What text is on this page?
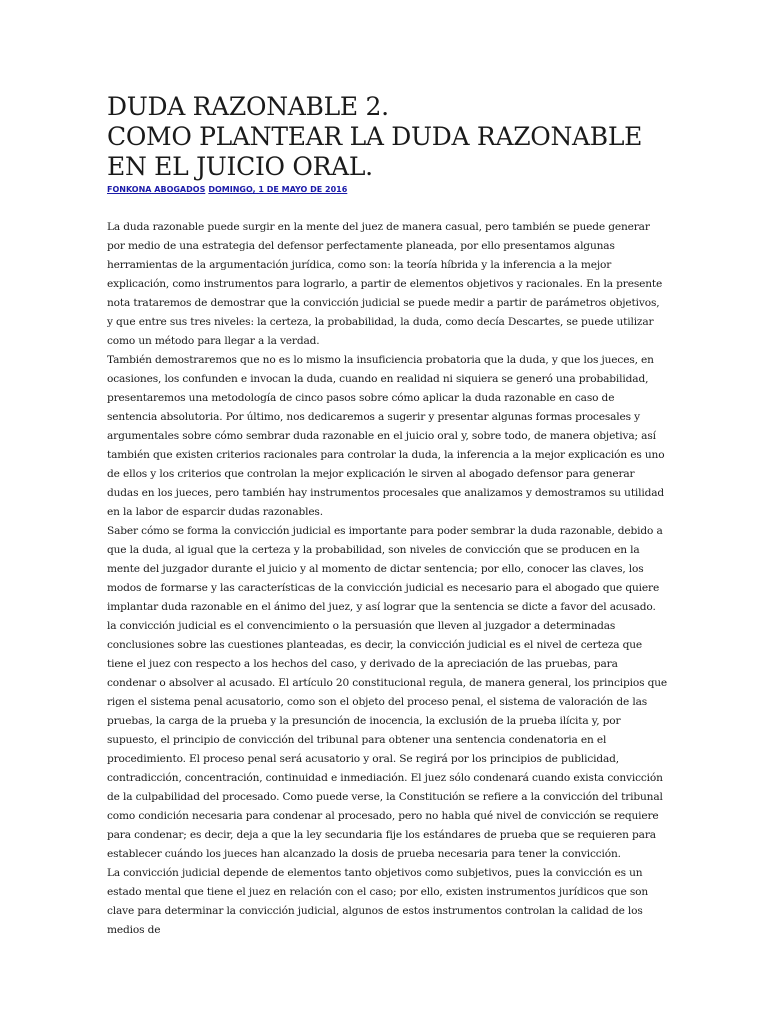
DUDA RAZONABLE 2.
COMO PLANTEAR LA DUDA RAZONABLE
EN EL JUICIO ORAL.
FONKONA ABOGADOS DOMINGO, 1 DE MAYO DE 2016

La duda razonable puede surgir en la mente del juez de manera casual, pero también se puede generar por medio de una estrategia del defensor perfectamente planeada, por ello presentamos algunas herramientas de la argumentación jurídica, como son: la teoría híbrida y la inferencia a la mejor explicación, como instrumentos para lograrlo, a partir de elementos objetivos y racionales. En la presente nota trataremos de demostrar que la convicción judicial se puede medir a partir de parámetros objetivos, y que entre sus tres niveles: la certeza, la probabilidad, la duda, como decía Descartes, se puede utilizar como un método para llegar a la verdad.

También demostraremos que no es lo mismo la insuficiencia probatoria que la duda, y que los jueces, en ocasiones, los confunden e invocan la duda, cuando en realidad ni siquiera se generó una probabilidad, presentaremos una metodología de cinco pasos sobre cómo aplicar la duda razonable en caso de sentencia absolutoria. Por último, nos dedicaremos a sugerir y presentar algunas formas procesales y argumentales sobre cómo sembrar duda razonable en el juicio oral y, sobre todo, de manera objetiva; así también que existen criterios racionales para controlar la duda, la inferencia a la mejor explicación es uno de ellos y los criterios que controlan la mejor explicación le sirven al abogado defensor para generar dudas en los jueces, pero también hay instrumentos procesales que analizamos y demostramos su utilidad en la labor de esparcir dudas razonables.

Saber cómo se forma la convicción judicial es importante para poder sembrar la duda razonable, debido a que la duda, al igual que la certeza y la probabilidad, son niveles de convicción que se producen en la mente del juzgador durante el juicio y al momento de dictar sentencia; por ello, conocer las claves, los modos de formarse y las características de la convicción judicial es necesario para el abogado que quiere implantar duda razonable en el ánimo del juez, y así lograr que la sentencia se dicte a favor del acusado. la convicción judicial es el convencimiento o la persuasión que lleven al juzgador a determinadas conclusiones sobre las cuestiones planteadas, es decir, la convicción judicial es el nivel de certeza que tiene el juez con respecto a los hechos del caso, y derivado de la apreciación de las pruebas, para condenar o absolver al acusado. El artículo 20 constitucional regula, de manera general, los principios que rigen el sistema penal acusatorio, como son el objeto del proceso penal, el sistema de valoración de las pruebas, la carga de la prueba y la presunción de inocencia, la exclusión de la prueba ilícita y, por supuesto, el principio de convicción del tribunal para obtener una sentencia condenatoria en el procedimiento. El proceso penal será acusatorio y oral. Se regirá por los principios de publicidad, contradicción, concentración, continuidad e inmediación. El juez sólo condenará cuando exista convicción de la culpabilidad del procesado. Como puede verse, la Constitución se refiere a la convicción del tribunal como condición necesaria para condenar al procesado, pero no habla qué nivel de convicción se requiere para condenar; es decir, deja a que la ley secundaria fije los estándares de prueba que se requieren para establecer cuándo los jueces han alcanzado la dosis de prueba necesaria para tener la convicción.

La convicción judicial depende de elementos tanto objetivos como subjetivos, pues la convicción es un estado mental que tiene el juez en relación con el caso; por ello, existen instrumentos jurídicos que son clave para determinar la convicción judicial, algunos de estos instrumentos controlan la calidad de los medios de
